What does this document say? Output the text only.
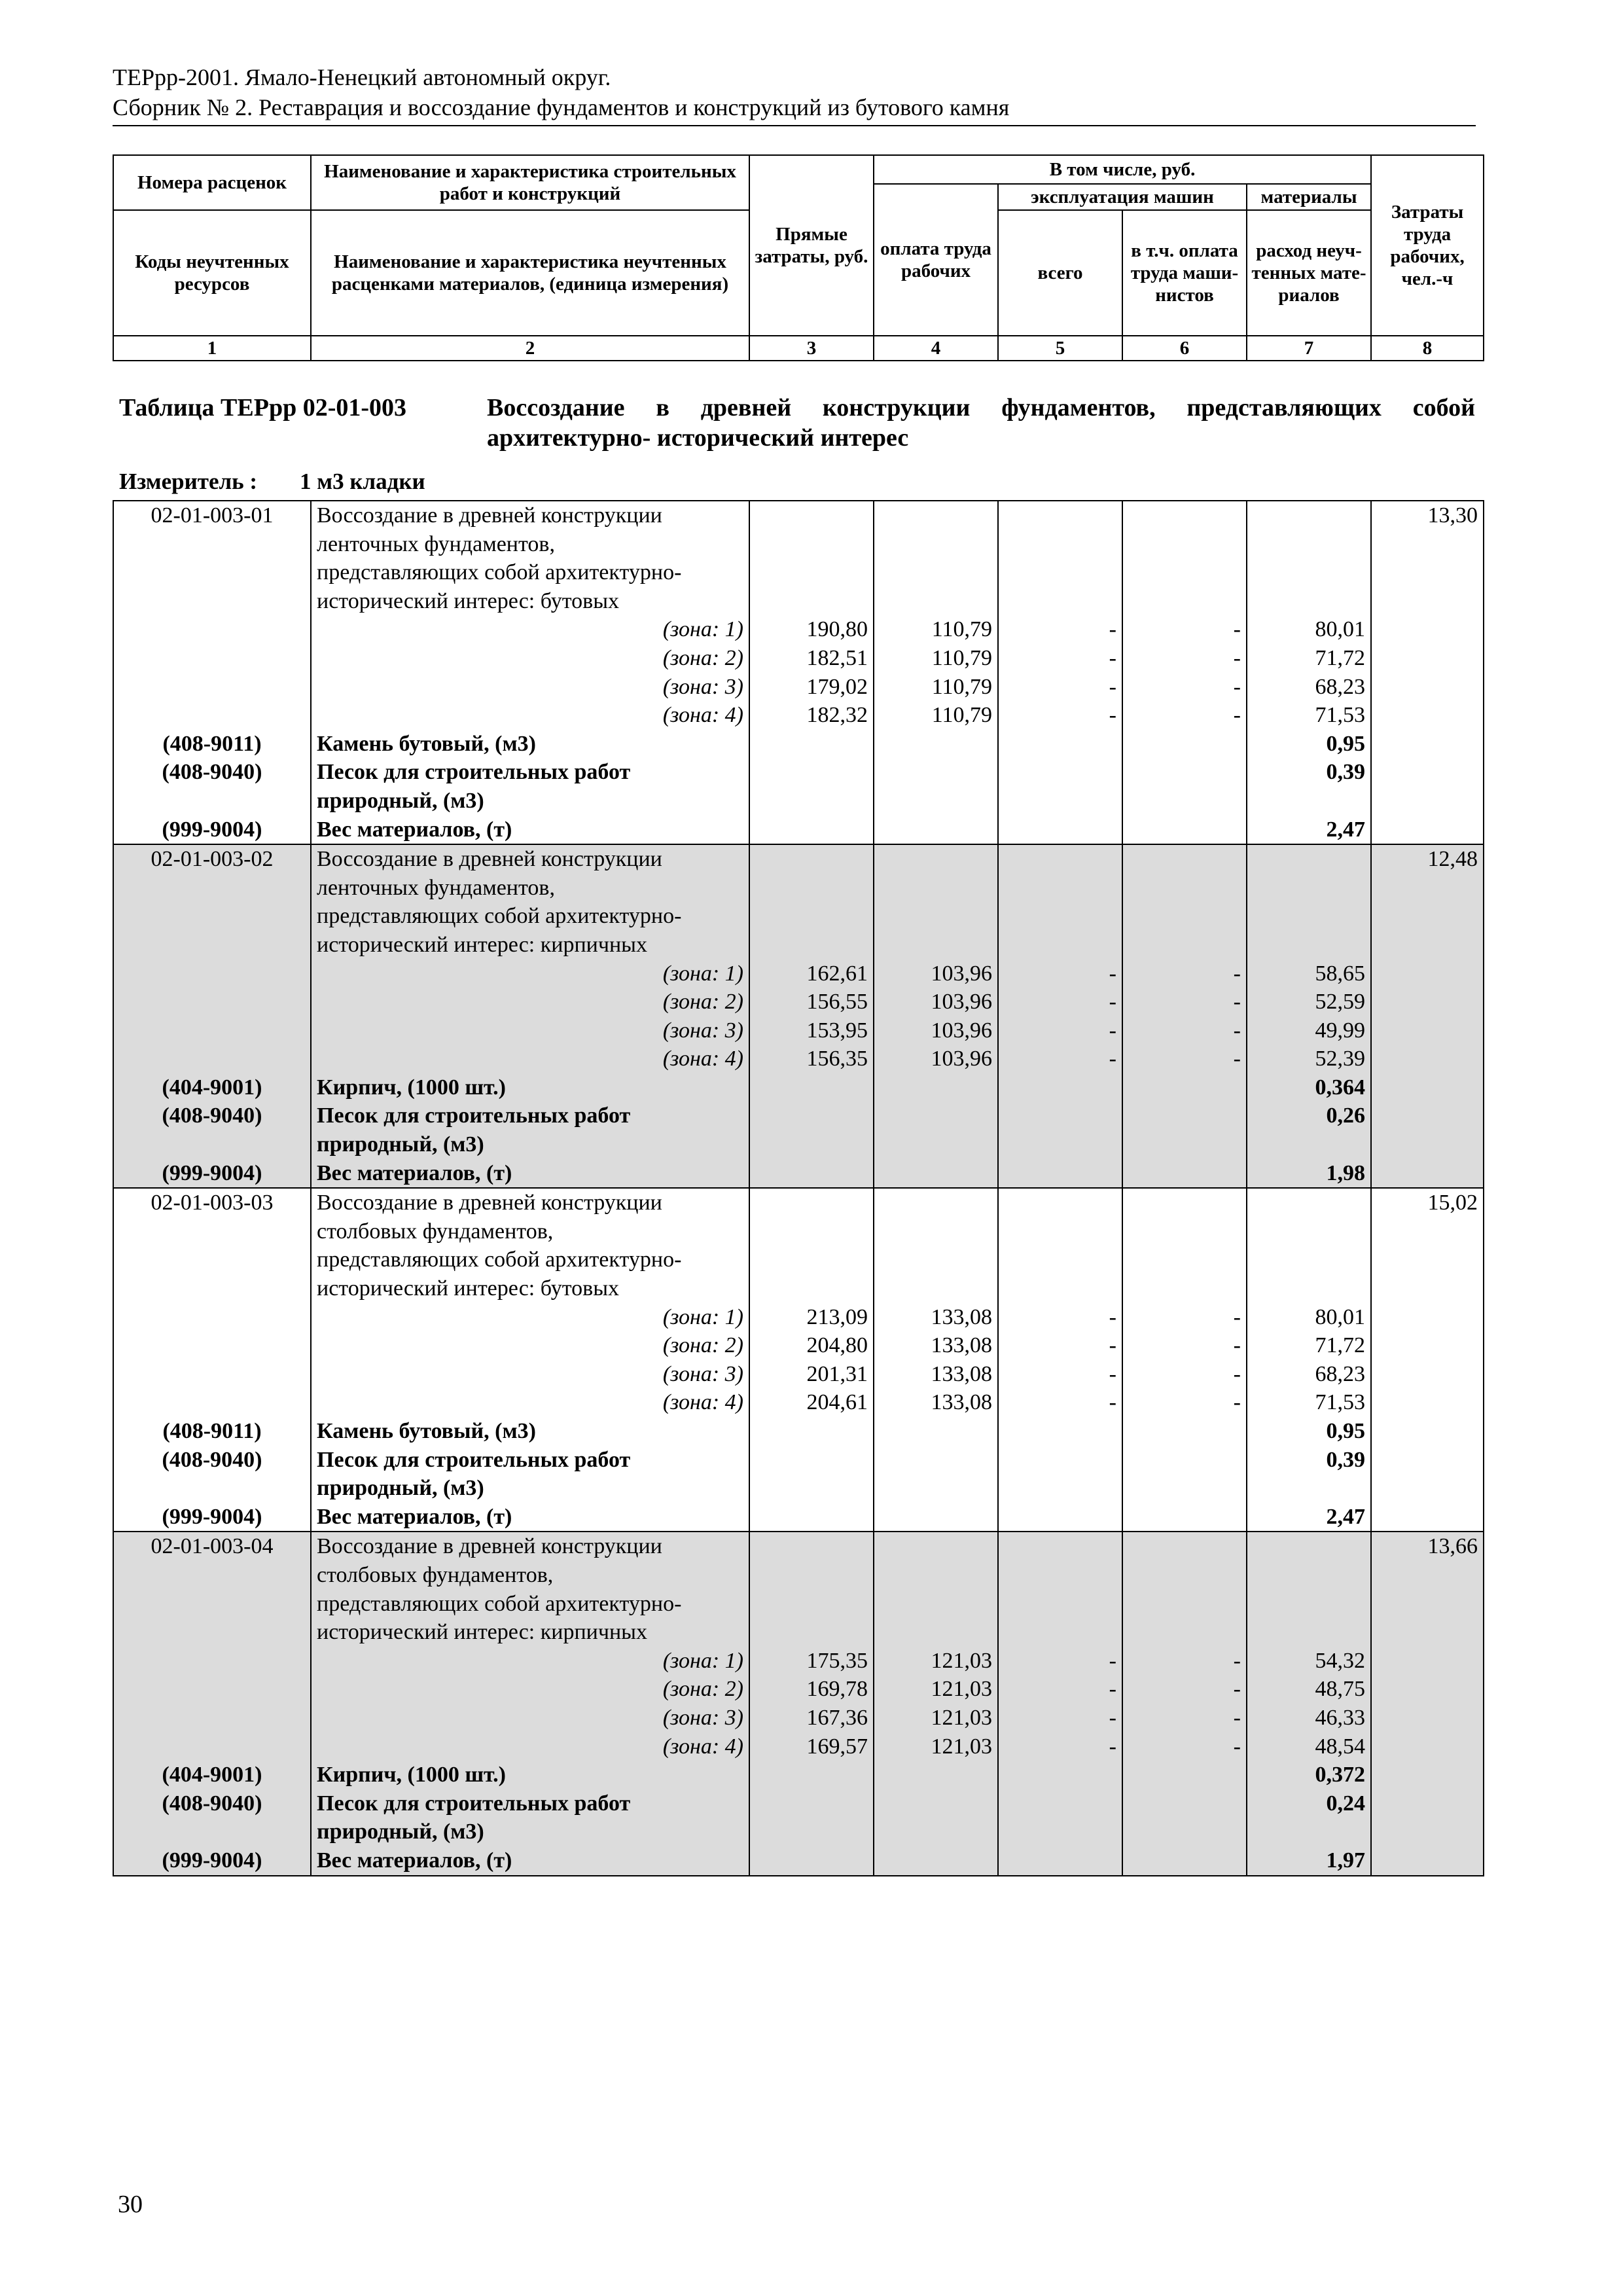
ТЕРрр-2001. Ямало-Ненецкий автономный округ.
Сборник № 2. Реставрация и воссоздание фундаментов и конструкций из бутового камня
Номера расценок	Наименование и характеристика строительных работ и конструкций	Прямые затраты, руб.	В том числе, руб.				Затраты труда рабочих, чел.-ч
			оплата труда рабочих	эксплуатация машин		материалы	
Коды неучтенных ресурсов	Наименование и характеристика неучтенных расценками материалов, (единица измерения)			всего	в т.ч. оплата труда маши-нистов	расход неуч-тенных мате-риалов	
1	2	3	4	5	6	7	8
Таблица ТЕРрр 02-01-003	Воссоздание в древней конструкции фундаментов, представляющих собой архитектурно- исторический интерес
Измеритель : 1 м3 кладки
02-01-003-01	Воссоздание в древней конструкции						13,30
	ленточных фундаментов,						
	представляющих собой архитектурно-						
	исторический интерес: бутовых						
	(зона: 1)	190,80	110,79	-	-	80,01	
	(зона: 2)	182,51	110,79	-	-	71,72	
	(зона: 3)	179,02	110,79	-	-	68,23	
	(зона: 4)	182,32	110,79	-	-	71,53	
(408-9011)	Камень бутовый, (м3)					0,95	
(408-9040)	Песок для строительных работ					0,39	
	природный, (м3)						
(999-9004)	Вес материалов, (т)					2,47	
02-01-003-02	Воссоздание в древней конструкции						12,48
	ленточных фундаментов,						
	представляющих собой архитектурно-						
	исторический интерес: кирпичных						
	(зона: 1)	162,61	103,96	-	-	58,65	
	(зона: 2)	156,55	103,96	-	-	52,59	
	(зона: 3)	153,95	103,96	-	-	49,99	
	(зона: 4)	156,35	103,96	-	-	52,39	
(404-9001)	Кирпич, (1000 шт.)					0,364	
(408-9040)	Песок для строительных работ					0,26	
	природный, (м3)						
(999-9004)	Вес материалов, (т)					1,98	
02-01-003-03	Воссоздание в древней конструкции						15,02
	столбовых фундаментов,						
	представляющих собой архитектурно-						
	исторический интерес: бутовых						
	(зона: 1)	213,09	133,08	-	-	80,01	
	(зона: 2)	204,80	133,08	-	-	71,72	
	(зона: 3)	201,31	133,08	-	-	68,23	
	(зона: 4)	204,61	133,08	-	-	71,53	
(408-9011)	Камень бутовый, (м3)					0,95	
(408-9040)	Песок для строительных работ					0,39	
	природный, (м3)						
(999-9004)	Вес материалов, (т)					2,47	
02-01-003-04	Воссоздание в древней конструкции						13,66
	столбовых фундаментов,						
	представляющих собой архитектурно-						
	исторический интерес: кирпичных						
	(зона: 1)	175,35	121,03	-	-	54,32	
	(зона: 2)	169,78	121,03	-	-	48,75	
	(зона: 3)	167,36	121,03	-	-	46,33	
	(зона: 4)	169,57	121,03	-	-	48,54	
(404-9001)	Кирпич, (1000 шт.)					0,372	
(408-9040)	Песок для строительных работ					0,24	
	природный, (м3)						
(999-9004)	Вес материалов, (т)					1,97	
30
